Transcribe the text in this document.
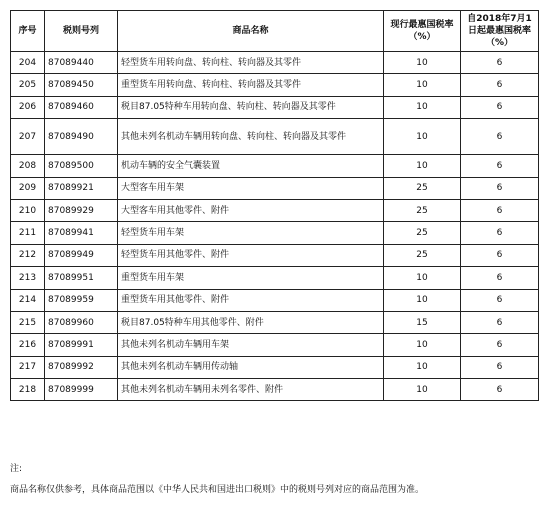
序号	税则号列	商品名称	现行最惠国税率（%）	自2018年7月1日起最惠国税率（%）
204	87089440	轻型货车用转向盘、转向柱、转向器及其零件	10	6
205	87089450	重型货车用转向盘、转向柱、转向器及其零件	10	6
206	87089460	税目87.05特种车用转向盘、转向柱、转向器及其零件	10	6
207	87089490	其他未列名机动车辆用转向盘、转向柱、转向器及其零件	10	6
208	87089500	机动车辆的安全气囊装置	10	6
209	87089921	大型客车用车架	25	6
210	87089929	大型客车用其他零件、附件	25	6
211	87089941	轻型货车用车架	25	6
212	87089949	轻型货车用其他零件、附件	25	6
213	87089951	重型货车用车架	10	6
214	87089959	重型货车用其他零件、附件	10	6
215	87089960	税目87.05特种车用其他零件、附件	15	6
216	87089991	其他未列名机动车辆用车架	10	6
217	87089992	其他未列名机动车辆用传动轴	10	6
218	87089999	其他未列名机动车辆用未列名零件、附件	10	6

注:

商品名称仅供参考，具体商品范围以《中华人民共和国进出口税则》中的税则号列对应的商品范围为准。
